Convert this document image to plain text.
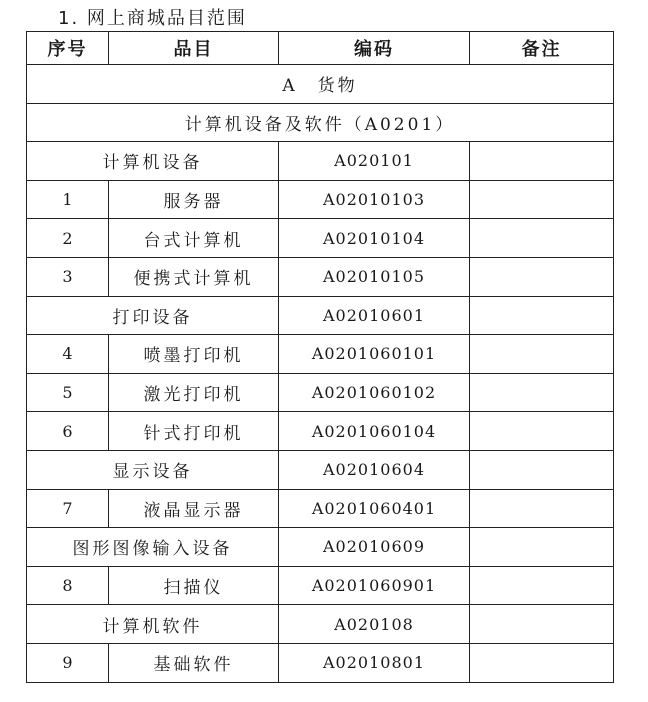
1. 网上商城品目范围
序号	品目	编码	备注
A　货物			
计算机设备及软件（A0201）			
计算机设备		A020101	
1	服务器	A02010103	
2	台式计算机	A02010104	
3	便携式计算机	A02010105	
打印设备		A02010601	
4	喷墨打印机	A0201060101	
5	激光打印机	A0201060102	
6	针式打印机	A0201060104	
显示设备		A02010604	
7	液晶显示器	A0201060401	
图形图像输入设备		A02010609	
8	扫描仪	A0201060901	
计算机软件		A020108	
9	基础软件	A02010801	
